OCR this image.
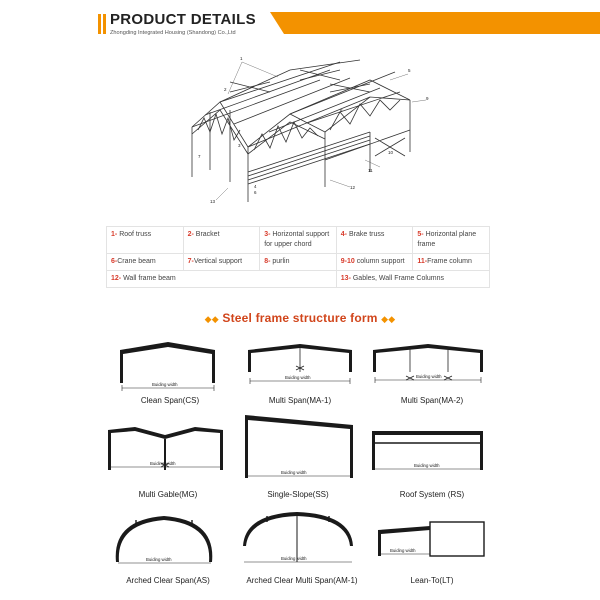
PRODUCT DETAILS
Zhongding Integrated Housing (Shandong) Co.,Ltd
1
2
3
4
5
6
7
8
9
10
11
12
13
1- Roof truss	2- Bracket	3- Horizontal support for upper chord	4- Brake truss	5- Horizontal plane frame
6-Crane beam	7-Vertical support	8- purlin	9-10 column support	11-Frame column
12- Wall frame beam			13- Gables, Wall Frame Columns	
◆◆ Steel frame structure form ◆◆
Buiding width
Clean Span(CS)
Buiding width
Multi Span(MA-1)
Buiding width
Multi Span(MA-2)
Buiding width
Multi Gable(MG)
Buiding width
Single-Slope(SS)
Buiding width
Roof System (RS)
Buiding width
Arched Clear Span(AS)
Buiding width
Arched Clear Multi Span(AM-1)
Buiding width
Lean-To(LT)
